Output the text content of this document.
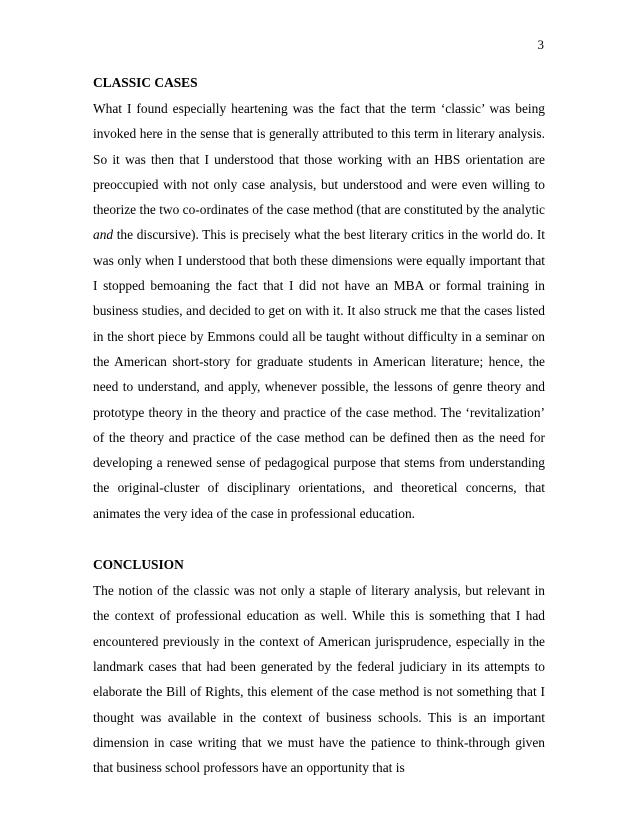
3
CLASSIC CASES

What I found especially heartening was the fact that the term ‘classic’ was being invoked here in the sense that is generally attributed to this term in literary analysis. So it was then that I understood that those working with an HBS orientation are preoccupied with not only case analysis, but understood and were even willing to theorize the two co-ordinates of the case method (that are constituted by the analytic and the discursive). This is precisely what the best literary critics in the world do. It was only when I understood that both these dimensions were equally important that I stopped bemoaning the fact that I did not have an MBA or formal training in business studies, and decided to get on with it. It also struck me that the cases listed in the short piece by Emmons could all be taught without difficulty in a seminar on the American short-story for graduate students in American literature; hence, the need to understand, and apply, whenever possible, the lessons of genre theory and prototype theory in the theory and practice of the case method. The ‘revitalization’ of the theory and practice of the case method can be defined then as the need for developing a renewed sense of pedagogical purpose that stems from understanding the original-cluster of disciplinary orientations, and theoretical concerns, that animates the very idea of the case in professional education.

CONCLUSION

The notion of the classic was not only a staple of literary analysis, but relevant in the context of professional education as well. While this is something that I had encountered previously in the context of American jurisprudence, especially in the landmark cases that had been generated by the federal judiciary in its attempts to elaborate the Bill of Rights, this element of the case method is not something that I thought was available in the context of business schools. This is an important dimension in case writing that we must have the patience to think-through given that business school professors have an opportunity that is
